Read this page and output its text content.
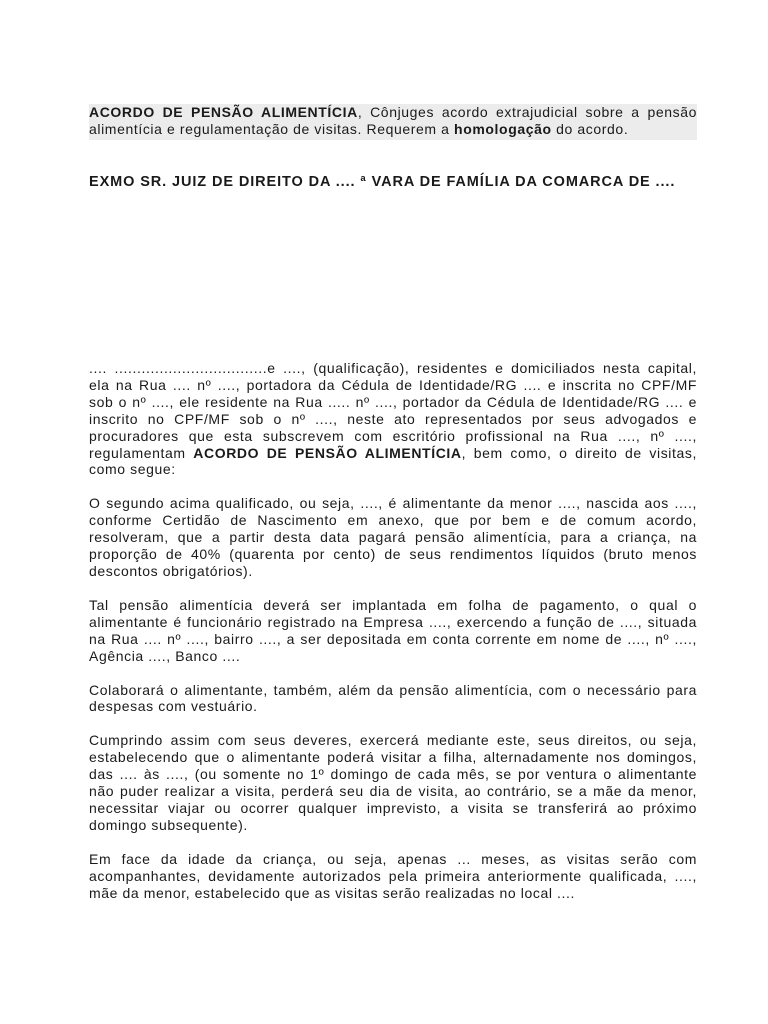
ACORDO DE PENSÃO ALIMENTÍCIA, Cônjuges acordo extrajudicial sobre a pensão alimentícia e regulamentação de visitas. Requerem a homologação do acordo.

EXMO SR. JUIZ DE DIREITO DA .... ª VARA DE FAMÍLIA DA COMARCA DE ....

.... ..................................e ...., (qualificação), residentes e domiciliados nesta capital, ela na Rua .... nº ...., portadora da Cédula de Identidade/RG .... e inscrita no CPF/MF sob o nº ...., ele residente na Rua ..... nº ...., portador da Cédula de Identidade/RG .... e inscrito no CPF/MF sob o nº ...., neste ato representados por seus advogados e procuradores que esta subscrevem com escritório profissional na Rua ...., nº ...., regulamentam ACORDO DE PENSÃO ALIMENTÍCIA, bem como, o direito de visitas, como segue:

O segundo acima qualificado, ou seja, ...., é alimentante da menor ...., nascida aos ...., conforme Certidão de Nascimento em anexo, que por bem e de comum acordo, resolveram, que a partir desta data pagará pensão alimentícia, para a criança, na proporção de 40% (quarenta por cento) de seus rendimentos líquidos (bruto menos descontos obrigatórios).

Tal pensão alimentícia deverá ser implantada em folha de pagamento, o qual o alimentante é funcionário registrado na Empresa ...., exercendo a função de ...., situada na Rua .... nº ...., bairro ...., a ser depositada em conta corrente em nome de ...., nº ...., Agência ...., Banco ....

Colaborará o alimentante, também, além da pensão alimentícia, com o necessário para despesas com vestuário.

Cumprindo assim com seus deveres, exercerá mediante este, seus direitos, ou seja, estabelecendo que o alimentante poderá visitar a filha, alternadamente nos domingos, das .... às ...., (ou somente no 1º domingo de cada mês, se por ventura o alimentante não puder realizar a visita, perderá seu dia de visita, ao contrário, se a mãe da menor, necessitar viajar ou ocorrer qualquer imprevisto, a visita se transferirá ao próximo domingo subsequente).

Em face da idade da criança, ou seja, apenas ... meses, as visitas serão com acompanhantes, devidamente autorizados pela primeira anteriormente qualificada, ...., mãe da menor, estabelecido que as visitas serão realizadas no local ....
